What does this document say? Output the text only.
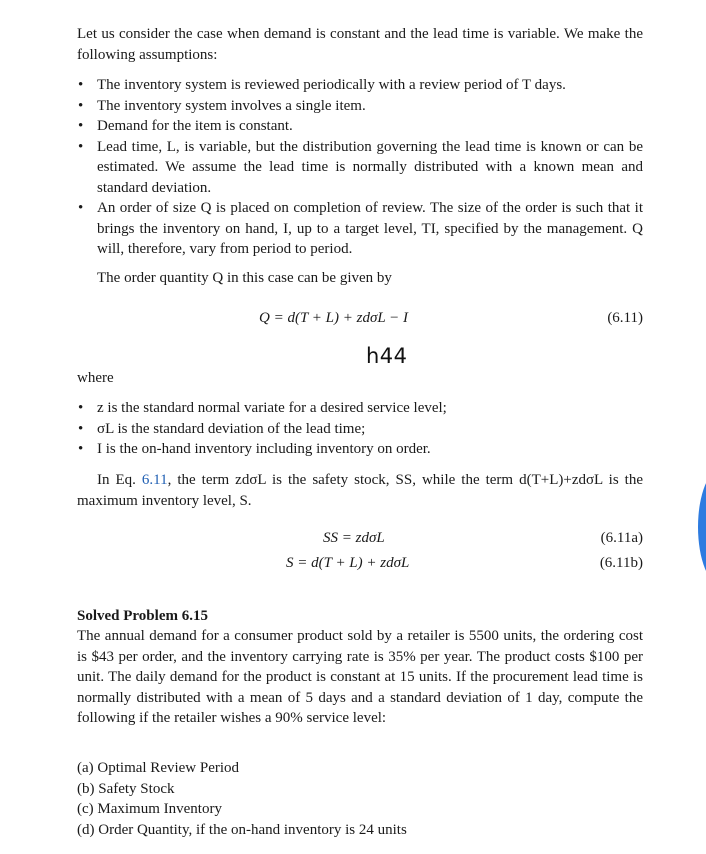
Let us consider the case when demand is constant and the lead time is variable. We make the following assumptions:

• The inventory system is reviewed periodically with a review period of T days.
• The inventory system involves a single item.
• Demand for the item is constant.
• Lead time, L, is variable, but the distribution governing the lead time is known or can be estimated. We assume the lead time is normally distributed with a known mean and standard deviation.
• An order of size Q is placed on completion of review. The size of the order is such that it brings the inventory on hand, I, up to a target level, TI, specified by the management. Q will, therefore, vary from period to period.

The order quantity Q in this case can be given by

Q = d(T + L) + zdσL − I	(6.11)
h44

where

• z is the standard normal variate for a desired service level;
• σL is the standard deviation of the lead time;
• I is the on-hand inventory including inventory on order.

In Eq. 6.11, the term zdσL is the safety stock, SS, while the term d(T+L)+zdσL is the maximum inventory level, S.

SS = zdσL	(6.11a)
S = d(T + L) + zdσL	(6.11b)

Solved Problem 6.15

The annual demand for a consumer product sold by a retailer is 5500 units, the ordering cost is $43 per order, and the inventory carrying rate is 35% per year. The product costs $100 per unit. The daily demand for the product is constant at 15 units. If the procurement lead time is normally distributed with a mean of 5 days and a standard deviation of 1 day, compute the following if the retailer wishes a 90% service level:

(a) Optimal Review Period
(b) Safety Stock
(c) Maximum Inventory
(d) Order Quantity, if the on-hand inventory is 24 units
